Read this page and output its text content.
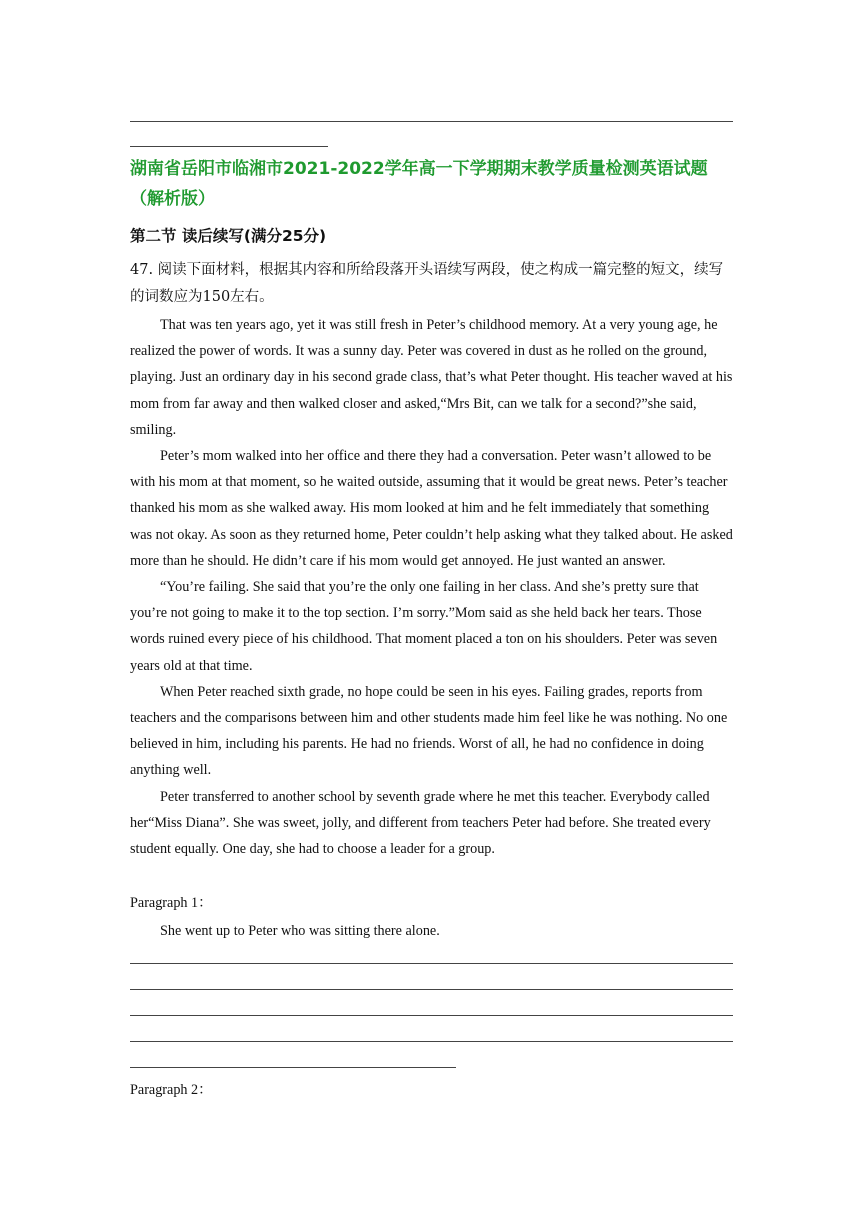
湖南省岳阳市临湘市2021-2022学年高一下学期期末教学质量检测英语试题（解析版）
第二节 读后续写(满分25分)
47. 阅读下面材料，根据其内容和所给段落开头语续写两段，使之构成一篇完整的短文，续写的词数应为150左右。

That was ten years ago, yet it was still fresh in Peter’s childhood memory. At a very young age, he realized the power of words. It was a sunny day. Peter was covered in dust as he rolled on the ground, playing. Just an ordinary day in his second grade class, that’s what Peter thought. His teacher waved at his mom from far away and then walked closer and asked,“Mrs Bit, can we talk for a second?”she said, smiling.

Peter’s mom walked into her office and there they had a conversation. Peter wasn’t allowed to be with his mom at that moment, so he waited outside, assuming that it would be great news. Peter’s teacher thanked his mom as she walked away. His mom looked at him and he felt immediately that something was not okay. As soon as they returned home, Peter couldn’t help asking what they talked about. He asked more than he should. He didn’t care if his mom would get annoyed. He just wanted an answer.

“You’re failing. She said that you’re the only one failing in her class. And she’s pretty sure that you’re not going to make it to the top section. I’m sorry.”Mom said as she held back her tears. Those words ruined every piece of his childhood. That moment placed a ton on his shoulders. Peter was seven years old at that time.

When Peter reached sixth grade, no hope could be seen in his eyes. Failing grades, reports from teachers and the comparisons between him and other students made him feel like he was nothing. No one believed in him, including his parents. He had no friends. Worst of all, he had no confidence in doing anything well.

Peter transferred to another school by seventh grade where he met this teacher. Everybody called her“Miss Diana”. She was sweet, jolly, and different from teachers Peter had before. She treated every student equally. One day, she had to choose a leader for a group.

Paragraph 1：
She went up to Peter who was sitting there alone.
Paragraph 2：
